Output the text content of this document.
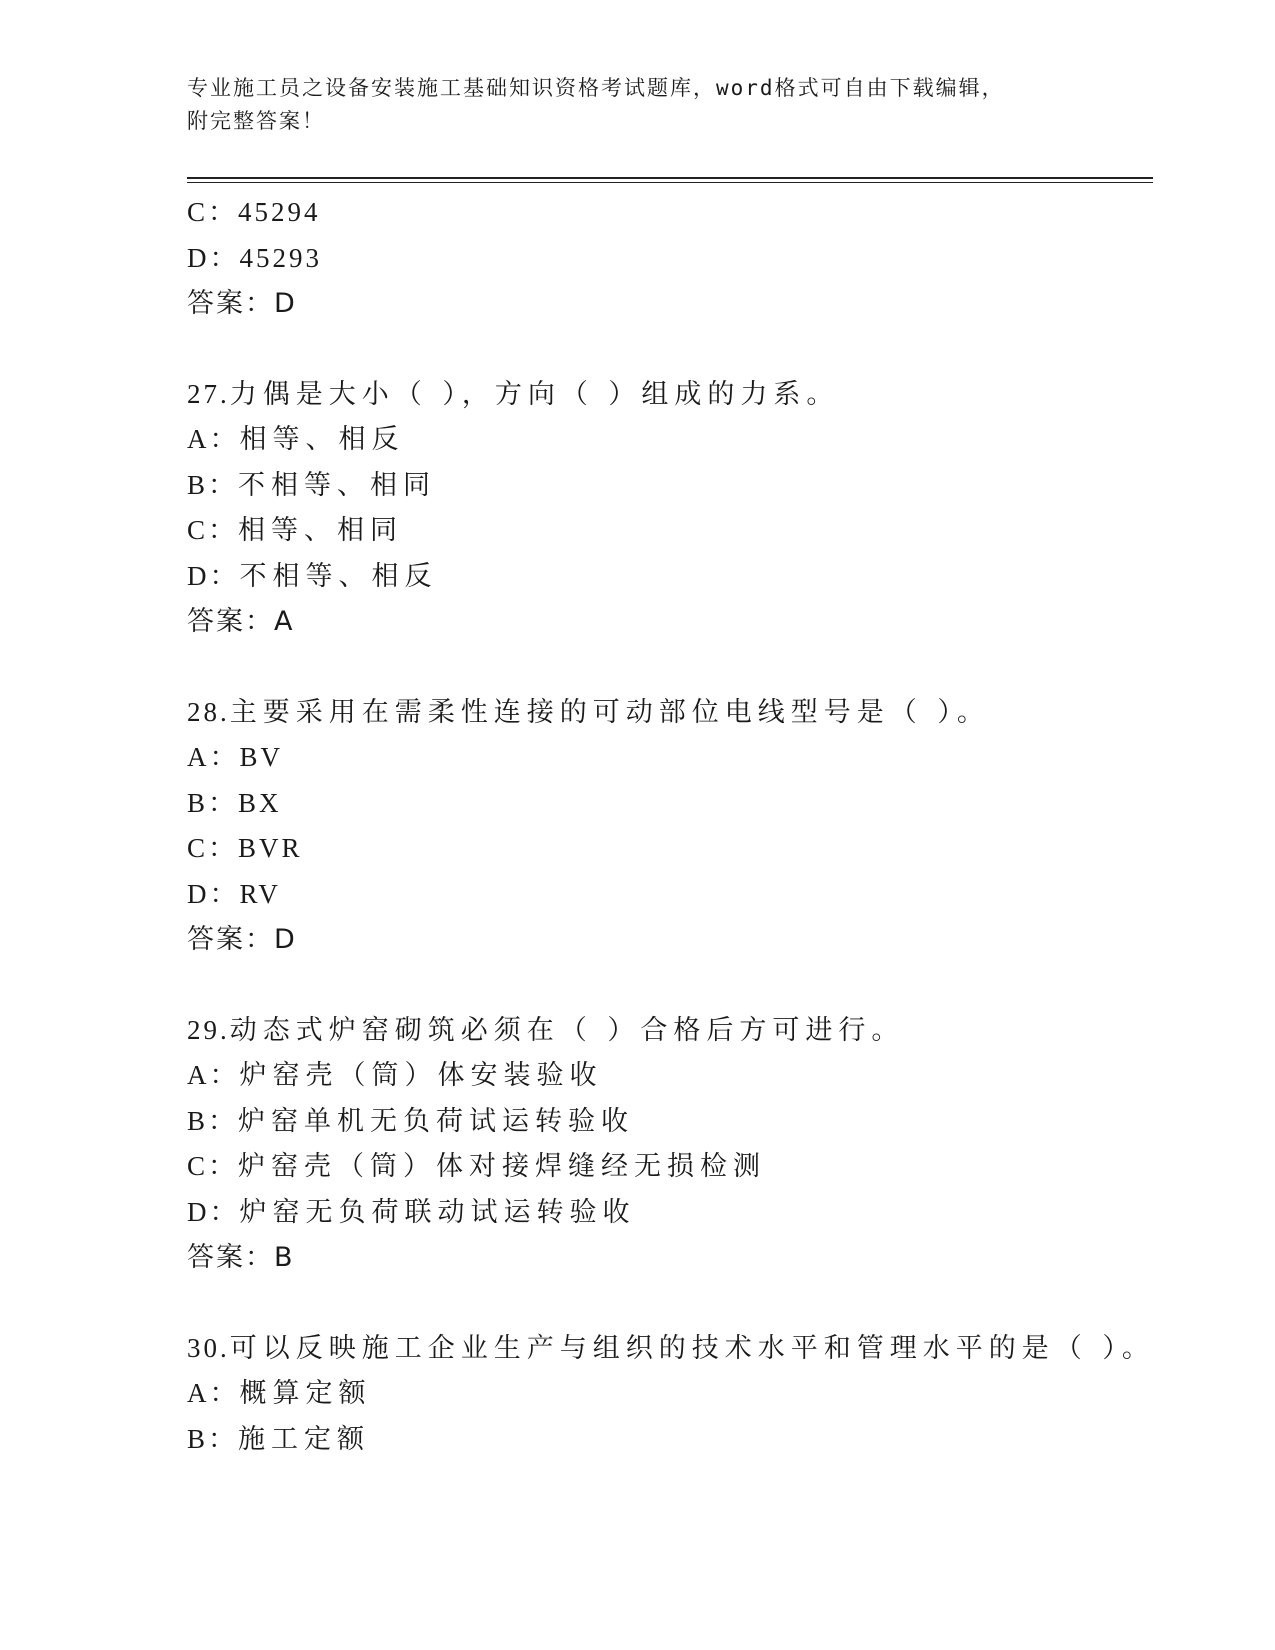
专业施工员之设备安装施工基础知识资格考试题库，word格式可自由下载编辑，
附完整答案！
C：45294
D：45293
答案：D
27.力偶是大小（ ），方向（ ）组成的力系。
A：相等、相反
B：不相等、相同
C：相等、相同
D：不相等、相反
答案：A
28.主要采用在需柔性连接的可动部位电线型号是（ ）。
A：BV
B：BX
C：BVR
D：RV
答案：D
29.动态式炉窑砌筑必须在（ ）合格后方可进行。
A：炉窑壳（筒）体安装验收
B：炉窑单机无负荷试运转验收
C：炉窑壳（筒）体对接焊缝经无损检测
D：炉窑无负荷联动试运转验收
答案：B
30.可以反映施工企业生产与组织的技术水平和管理水平的是（ ）。
A：概算定额
B：施工定额
